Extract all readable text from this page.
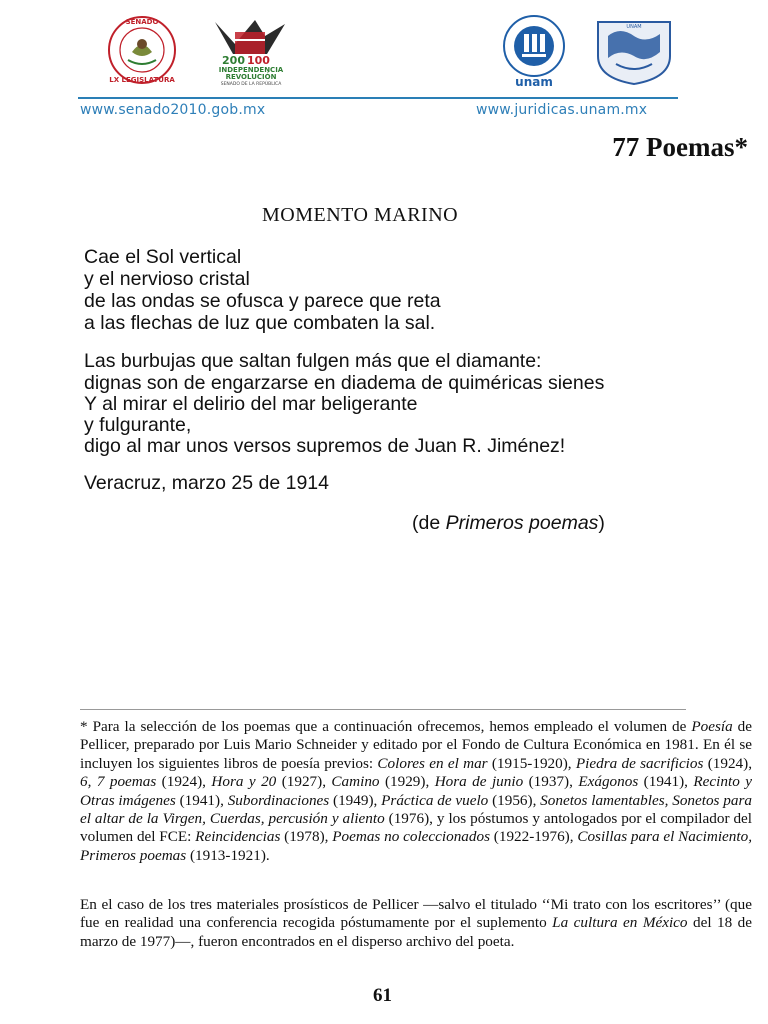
SENADO
LX LEGISLATURA
200 100
INDEPENDENCIA
REVOLUCIÓN
SENADO DE LA REPÚBLICA	unam
UNAM
www.senado2010.gob.mx	www.juridicas.unam.mx
77 Poemas*
MOMENTO MARINO
Cae el Sol vertical
y el nervioso cristal
de las ondas se ofusca y parece que reta
a las flechas de luz que combaten la sal.
Las burbujas que saltan fulgen más que el diamante:
dignas son de engarzarse en diadema de quiméricas sienes
Y al mirar el delirio del mar beligerante
y fulgurante,
digo al mar unos versos supremos de Juan R. Jiménez!
Veracruz, marzo 25 de 1914
(de Primeros poemas)
* Para la selección de los poemas que a continuación ofrecemos, hemos empleado el volumen de Poesía de Pellicer, preparado por Luis Mario Schneider y editado por el Fondo de Cultura Económica en 1981. En él se incluyen los siguientes libros de poesía previos: Colores en el mar (1915-1920), Piedra de sacrificios (1924), 6, 7 poemas (1924), Hora y 20 (1927), Camino (1929), Hora de junio (1937), Exágonos (1941), Recinto y Otras imágenes (1941), Subordinaciones (1949), Práctica de vuelo (1956), Sonetos lamentables, Sonetos para el altar de la Virgen, Cuerdas, percusión y aliento (1976), y los póstumos y antologados por el compilador del volumen del FCE: Reincidencias (1978), Poemas no coleccionados (1922-1976), Cosillas para el Nacimiento, Primeros poemas (1913-1921).
En el caso de los tres materiales prosísticos de Pellicer —salvo el titulado ‘‘Mi trato con los escritores’’ (que fue en realidad una conferencia recogida póstumamente por el suplemento La cultura en México del 18 de marzo de 1977)—, fueron encontrados en el disperso archivo del poeta.
61
